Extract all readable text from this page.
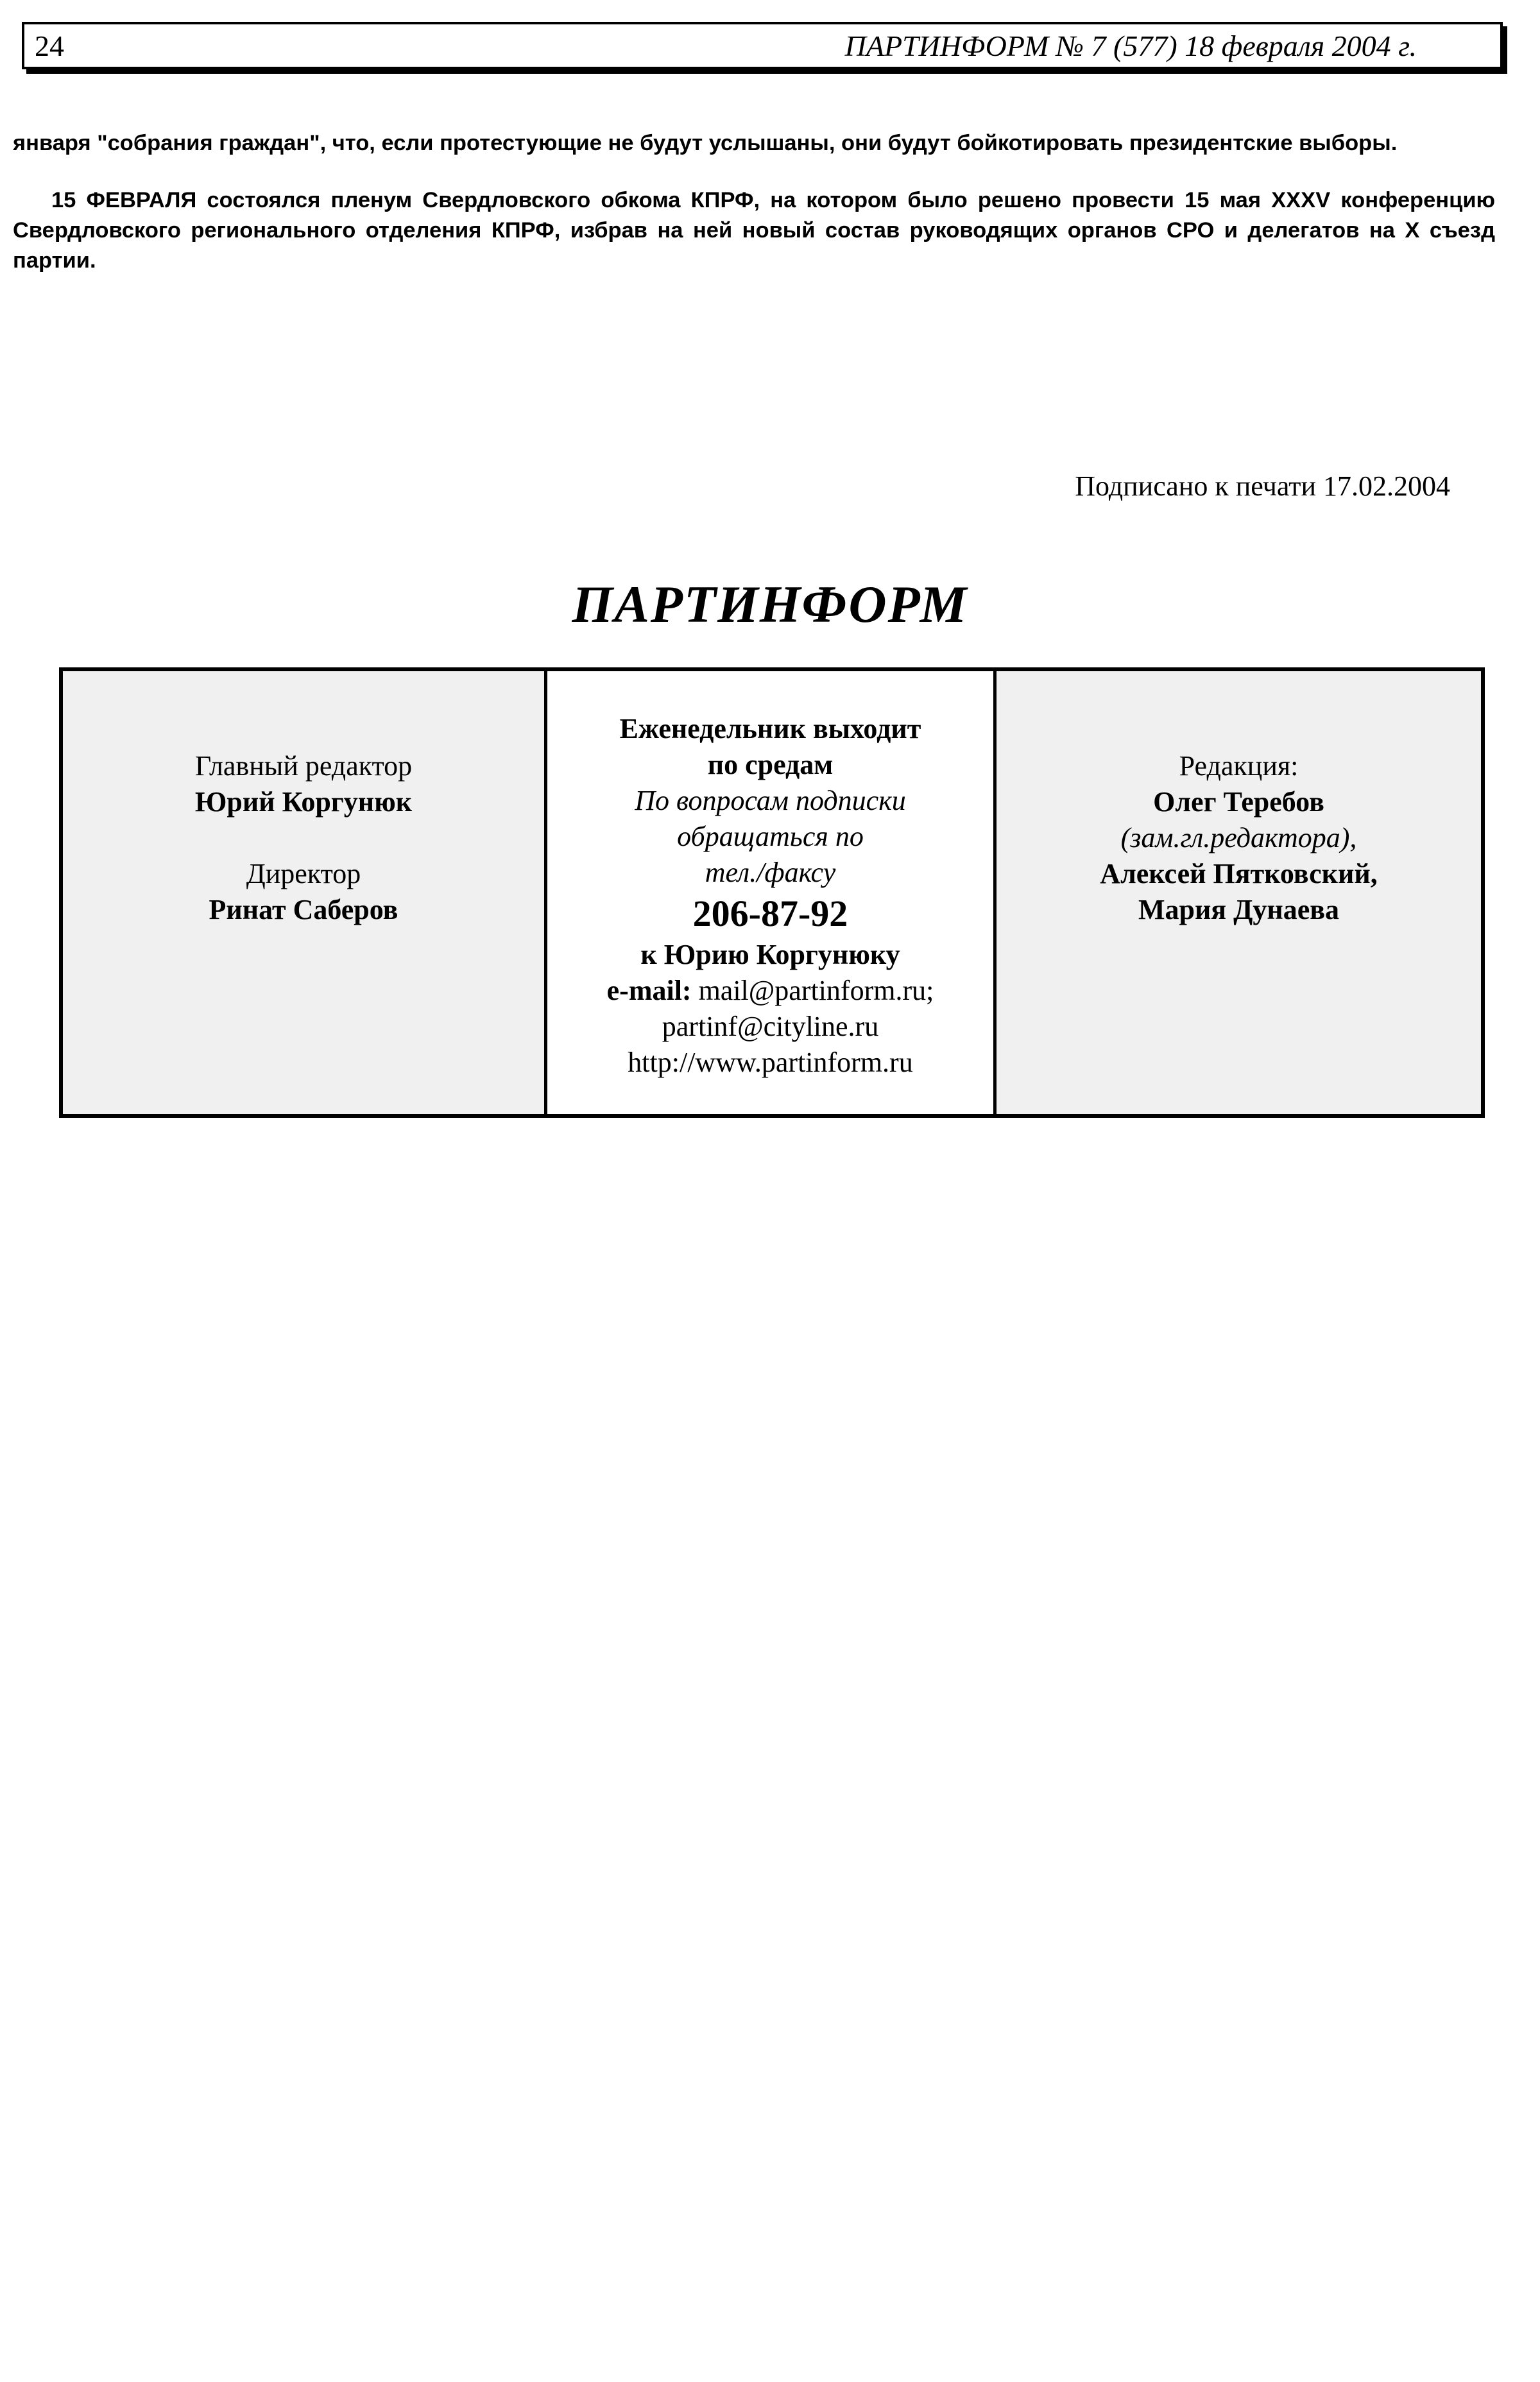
24	ПАРТИНФОРМ № 7 (577) 18 февраля 2004 г.

января "собрания граждан", что, если протестующие не будут услышаны, они будут бойкотировать президентские выборы.

15 ФЕВРАЛЯ состоялся пленум Свердловского обкома КПРФ, на котором было решено провести 15 мая XXXV конференцию Свердловского регионального отделения КПРФ, избрав на ней новый состав руководящих органов СРО и делегатов на X съезд партии.

Подписано к печати 17.02.2004
ПАРТИНФОРМ
Главный редактор
Юрий Коргунюк
Директор
Ринат Саберов
Еженедельник выходит
по средам
По вопросам подписки
обращаться по
тел./факсу
206-87-92
к Юрию Коргунюку
e-mail: mail@partinform.ru;
partinf@cityline.ru
http://www.partinform.ru
Редакция:
Олег Теребов
(зам.гл.редактора),
Алексей Пятковский,
Мария Дунаева
